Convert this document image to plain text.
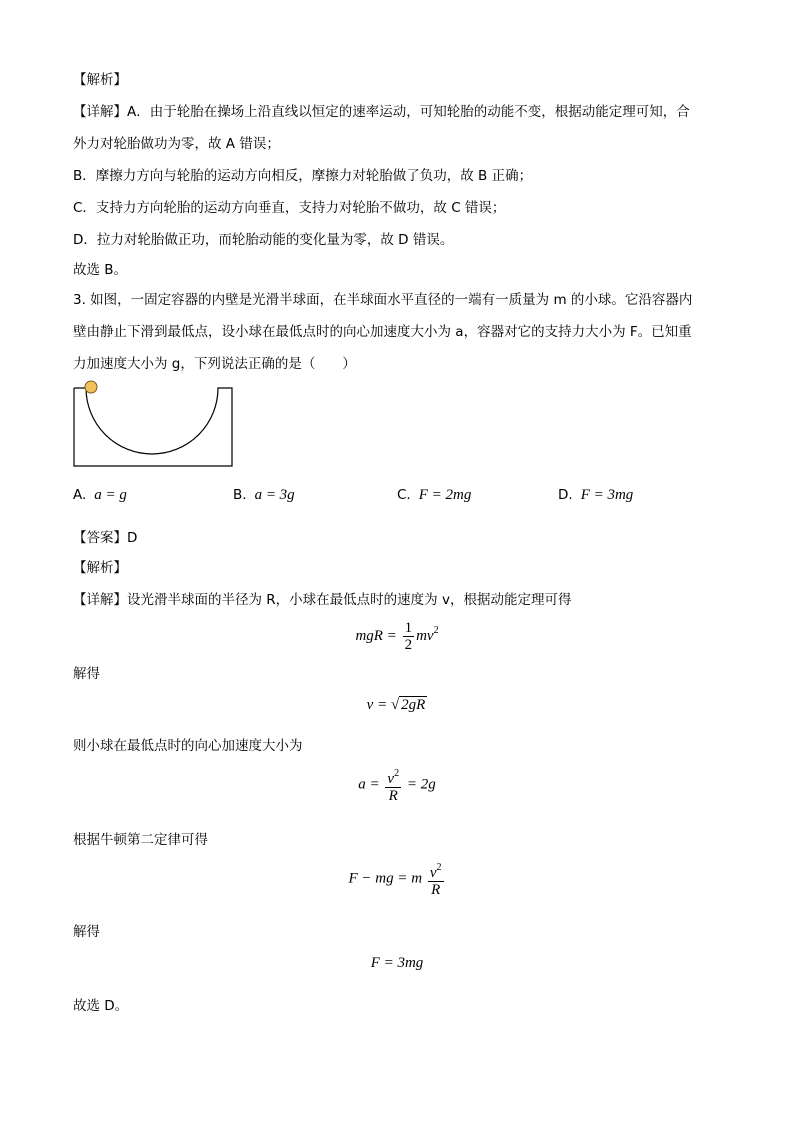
【解析】
【详解】A．由于轮胎在操场上沿直线以恒定的速率运动，可知轮胎的动能不变，根据动能定理可知，合
外力对轮胎做功为零，故 A 错误；
B．摩擦力方向与轮胎的运动方向相反，摩擦力对轮胎做了负功，故 B 正确；
C．支持力方向轮胎的运动方向垂直，支持力对轮胎不做功，故 C 错误；
D．拉力对轮胎做正功，而轮胎动能的变化量为零，故 D 错误。
故选 B。
3. 如图，一固定容器的内壁是光滑半球面，在半球面水平直径的一端有一质量为 m 的小球。它沿容器内
壁由静止下滑到最低点，设小球在最低点时的向心加速度大小为 a，容器对它的支持力大小为 F。已知重
力加速度大小为 g，下列说法正确的是（　　）
A. a = g	B. a = 3g	C. F = 2mg	D. F = 3mg
【答案】D
【解析】
【详解】设光滑半球面的半径为 R，小球在最低点时的速度为 v，根据动能定理可得
mgR = $\frac{1}{2} mv^2$
解得
v = √ 2gR
则小球在最低点时的向心加速度大小为
$a = \frac{v^2}{R} = 2g$
根据牛顿第二定律可得
F − mg = m $\frac{v^2}{R}$
解得
F = 3mg
故选 D。
